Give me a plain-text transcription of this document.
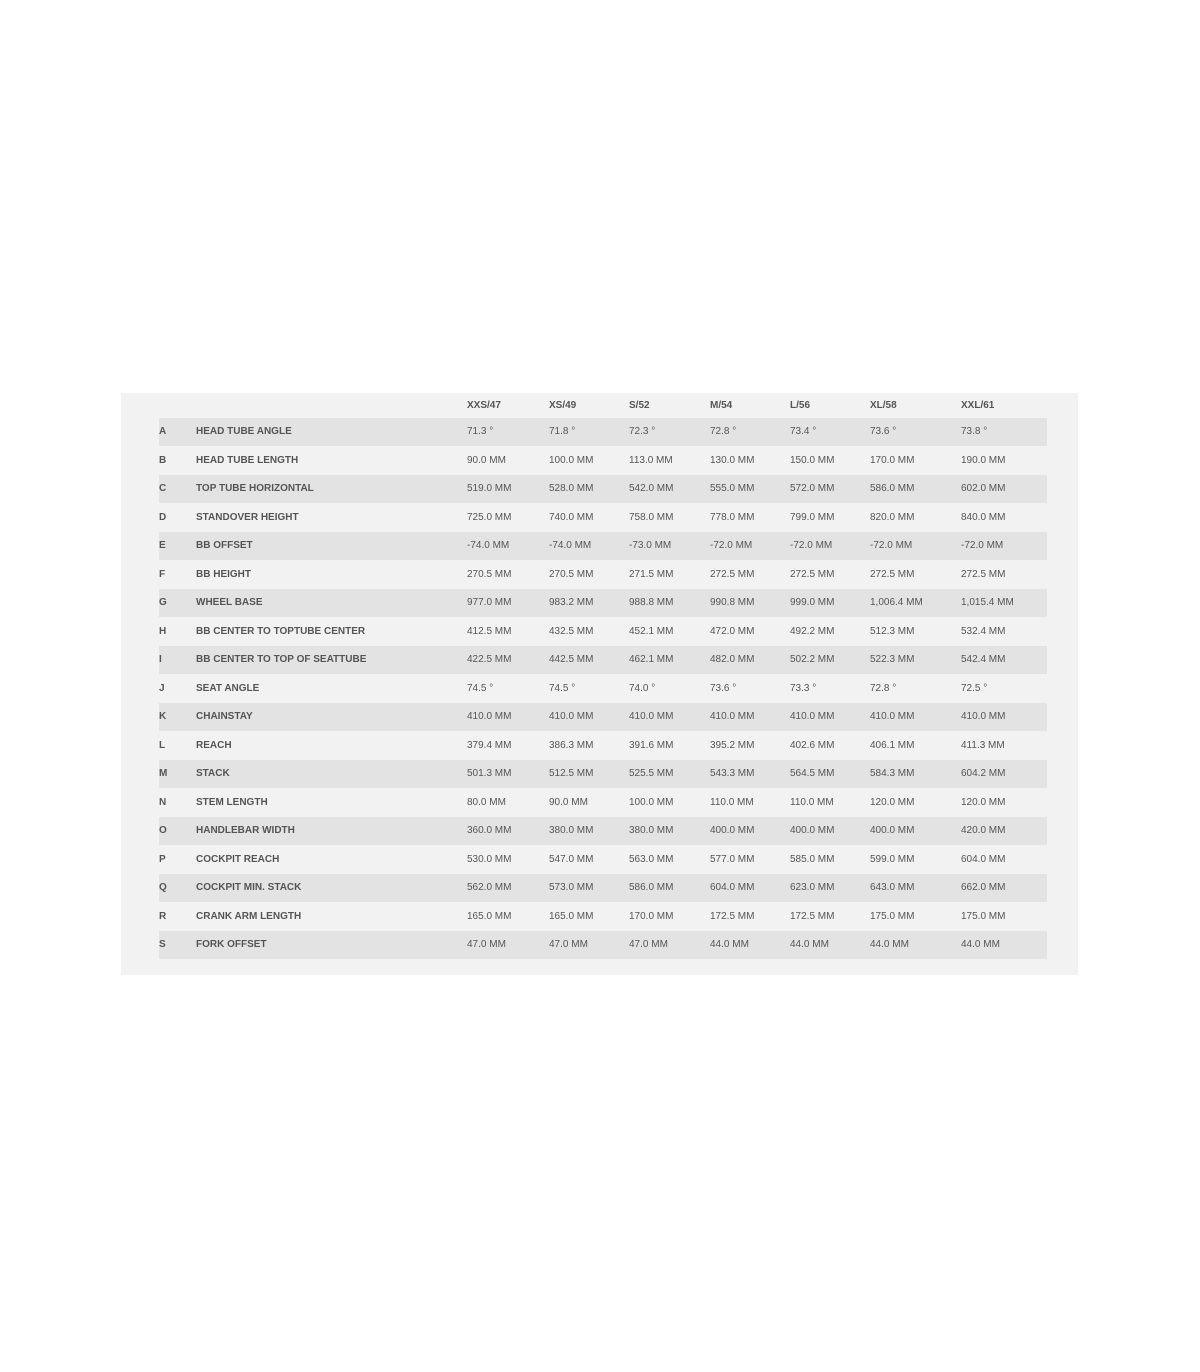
		XXS/47	XS/49	S/52	M/54	L/56	XL/58	XXL/61
A	HEAD TUBE ANGLE	71.3 °	71.8 °	72.3 °	72.8 °	73.4 °	73.6 °	73.8 °
B	HEAD TUBE LENGTH	90.0 MM	100.0 MM	113.0 MM	130.0 MM	150.0 MM	170.0 MM	190.0 MM
C	TOP TUBE HORIZONTAL	519.0 MM	528.0 MM	542.0 MM	555.0 MM	572.0 MM	586.0 MM	602.0 MM
D	STANDOVER HEIGHT	725.0 MM	740.0 MM	758.0 MM	778.0 MM	799.0 MM	820.0 MM	840.0 MM
E	BB OFFSET	-74.0 MM	-74.0 MM	-73.0 MM	-72.0 MM	-72.0 MM	-72.0 MM	-72.0 MM
F	BB HEIGHT	270.5 MM	270.5 MM	271.5 MM	272.5 MM	272.5 MM	272.5 MM	272.5 MM
G	WHEEL BASE	977.0 MM	983.2 MM	988.8 MM	990.8 MM	999.0 MM	1,006.4 MM	1,015.4 MM
H	BB CENTER TO TOPTUBE CENTER	412.5 MM	432.5 MM	452.1 MM	472.0 MM	492.2 MM	512.3 MM	532.4 MM
I	BB CENTER TO TOP OF SEATTUBE	422.5 MM	442.5 MM	462.1 MM	482.0 MM	502.2 MM	522.3 MM	542.4 MM
J	SEAT ANGLE	74.5 °	74.5 °	74.0 °	73.6 °	73.3 °	72.8 °	72.5 °
K	CHAINSTAY	410.0 MM	410.0 MM	410.0 MM	410.0 MM	410.0 MM	410.0 MM	410.0 MM
L	REACH	379.4 MM	386.3 MM	391.6 MM	395.2 MM	402.6 MM	406.1 MM	411.3 MM
M	STACK	501.3 MM	512.5 MM	525.5 MM	543.3 MM	564.5 MM	584.3 MM	604.2 MM
N	STEM LENGTH	80.0 MM	90.0 MM	100.0 MM	110.0 MM	110.0 MM	120.0 MM	120.0 MM
O	HANDLEBAR WIDTH	360.0 MM	380.0 MM	380.0 MM	400.0 MM	400.0 MM	400.0 MM	420.0 MM
P	COCKPIT REACH	530.0 MM	547.0 MM	563.0 MM	577.0 MM	585.0 MM	599.0 MM	604.0 MM
Q	COCKPIT MIN. STACK	562.0 MM	573.0 MM	586.0 MM	604.0 MM	623.0 MM	643.0 MM	662.0 MM
R	CRANK ARM LENGTH	165.0 MM	165.0 MM	170.0 MM	172.5 MM	172.5 MM	175.0 MM	175.0 MM
S	FORK OFFSET	47.0 MM	47.0 MM	47.0 MM	44.0 MM	44.0 MM	44.0 MM	44.0 MM
